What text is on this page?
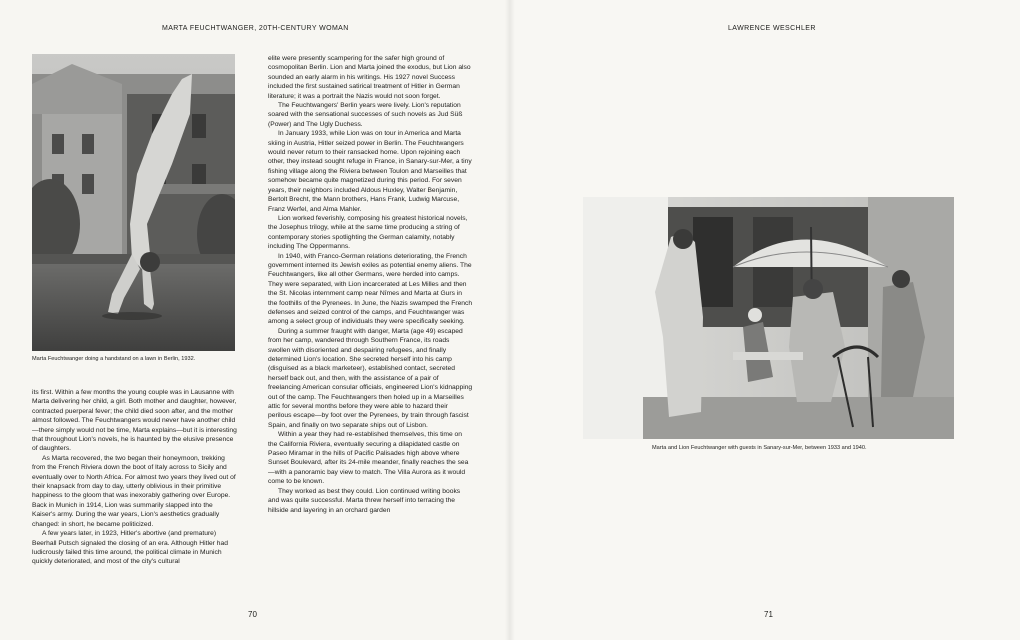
MARTA FEUCHTWANGER, 20TH-CENTURY WOMAN
Marta Feuchtwanger doing a handstand on a lawn in Berlin, 1932.

its first. Within a few months the young couple was in Lausanne with Marta delivering her child, a girl. Both mother and daughter, however, contracted puerperal fever; the child died soon after, and the mother almost followed. The Feuchtwangers would never have another child—there simply would not be time, Marta explains—but it is interesting that throughout Lion's novels, he is haunted by the elusive presence of daughters.

As Marta recovered, the two began their honeymoon, trekking from the French Riviera down the boot of Italy across to Sicily and eventually over to North Africa. For almost two years they lived out of their knapsack from day to day, utterly oblivious in their primitive happiness to the gloom that was inexorably gathering over Europe. Back in Munich in 1914, Lion was summarily slapped into the Kaiser's army. During the war years, Lion's aesthetics gradually changed: in short, he became politicized.

A few years later, in 1923, Hitler's abortive (and premature) Beerhall Putsch signaled the closing of an era. Although Hitler had ludicrously failed this time around, the political climate in Munich quickly deteriorated, and most of the city's cultural

elite were presently scampering for the safer high ground of cosmopolitan Berlin. Lion and Marta joined the exodus, but Lion also sounded an early alarm in his writings. His 1927 novel Success included the first sustained satirical treatment of Hitler in German literature; it was a portrait the Nazis would not soon forget.

The Feuchtwangers' Berlin years were lively. Lion's reputation soared with the sensational successes of such novels as Jud Süß (Power) and The Ugly Duchess.

In January 1933, while Lion was on tour in America and Marta skiing in Austria, Hitler seized power in Berlin. The Feuchtwangers would never return to their ransacked home. Upon rejoining each other, they instead sought refuge in France, in Sanary-sur-Mer, a tiny fishing village along the Riviera between Toulon and Marseilles that somehow became quite magnetized during this period. For seven years, their neighbors included Aldous Huxley, Walter Benjamin, Bertolt Brecht, the Mann brothers, Hans Frank, Ludwig Marcuse, Franz Werfel, and Alma Mahler.

Lion worked feverishly, composing his greatest historical novels, the Josephus trilogy, while at the same time producing a string of contemporary stories spotlighting the German calamity, notably including The Oppermanns.

In 1940, with Franco-German relations deteriorating, the French government interned its Jewish exiles as potential enemy aliens. The Feuchtwangers, like all other Germans, were herded into camps. They were separated, with Lion incarcerated at Les Milles and then the St. Nicolas internment camp near Nîmes and Marta at Gurs in the foothills of the Pyrenees. In June, the Nazis swamped the French defenses and seized control of the camps, and Feuchtwanger was among a select group of individuals they were specifically seeking.

During a summer fraught with danger, Marta (age 49) escaped from her camp, wandered through Southern France, its roads swollen with disoriented and despairing refugees, and finally determined Lion's location. She secreted herself into his camp (disguised as a black marketeer), established contact, secreted herself back out, and then, with the assistance of a pair of freelancing American consular officials, engineered Lion's kidnapping out of the camp. The Feuchtwangers then holed up in a Marseilles attic for several months before they were able to hazard their perilous escape—by foot over the Pyrenees, by train through fascist Spain, and finally on two separate ships out of Lisbon.

Within a year they had re-established themselves, this time on the California Riviera, eventually securing a dilapidated castle on Paseo Miramar in the hills of Pacific Palisades high above where Sunset Boulevard, after its 24-mile meander, finally reaches the sea—with a panoramic bay view to match. The Villa Aurora as it would come to be known.

They worked as best they could. Lion continued writing books and was quite successful. Marta threw herself into terracing the hillside and layering in an orchard garden

70
LAWRENCE WESCHLER
Marta and Lion Feuchtwanger with guests in Sanary-sur-Mer, between 1933 and 1940.
71
